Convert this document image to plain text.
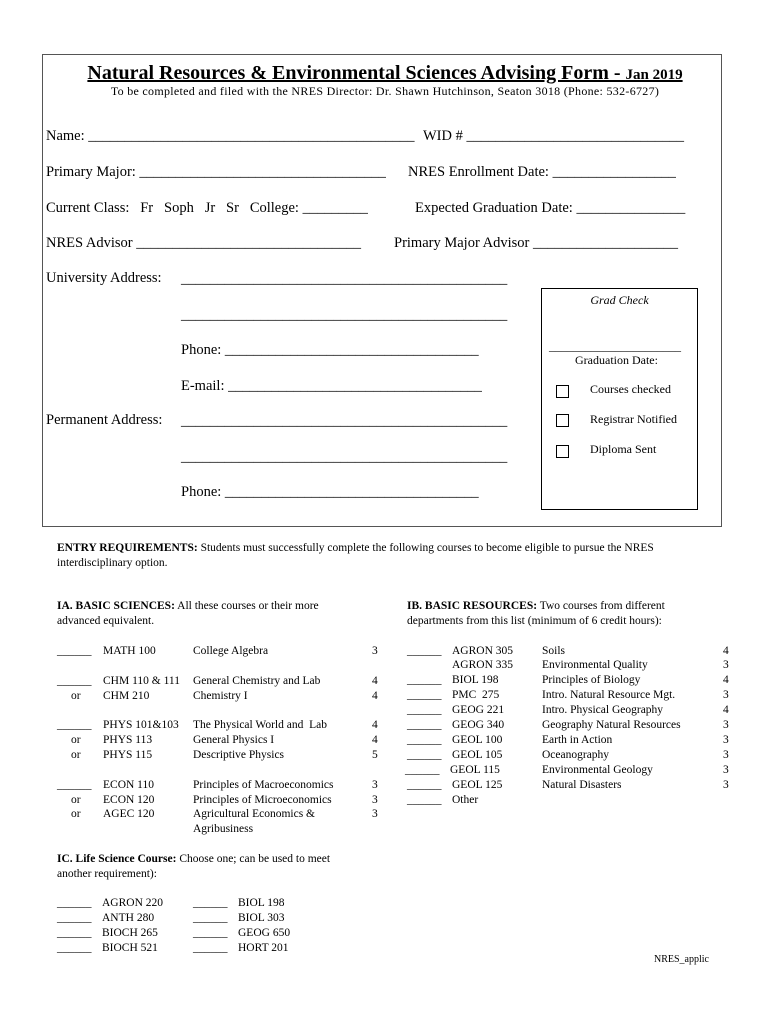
Natural Resources & Environmental Sciences Advising Form - Jan 2019
To be completed and filed with the NRES Director: Dr. Shawn Hutchinson, Seaton 3018 (Phone: 532-6727)
Name: _____________________________________________ WID # ______________________________
Primary Major: __________________________________ NRES Enrollment Date: _________________
Current Class:   Fr   Soph   Jr   Sr   College: _________	Expected Graduation Date: _______________
NRES Advisor _______________________________ Primary Major Advisor ____________________
University Address: _____________________________________________
_____________________________________________
Phone: ___________________________________
E-mail: ___________________________________
Permanent Address: _____________________________________________
_____________________________________________
Phone: ___________________________________
Grad Check
______________________
Graduation Date:
Courses checked
Registrar Notified
Diploma Sent
ENTRY REQUIREMENTS: Students must successfully complete the following courses to become eligible to pursue the NRES
interdisciplinary option.
IA. BASIC SCIENCES: All these courses or their more
advanced equivalent.
______ MATH 100	College Algebra	3
______ CHM 110 & 111 General Chemistry and Lab	4
or CHM 210	Chemistry I	4
______ PHYS 101&103 The Physical World and  Lab	4
or PHYS 113	General Physics I	4
or PHYS 115	Descriptive Physics	5
______ ECON 110	Principles of Macroeconomics	3
or ECON 120	Principles of Microeconomics	3
or AGEC 120	Agricultural Economics &	3
Agribusiness
IB. BASIC RESOURCES: Two courses from different
departments from this list (minimum of 6 credit hours):
______ AGRON 305	Soils	4
AGRON 335	Environmental Quality	3
______ BIOL 198	Principles of Biology	4
______ PMC  275	Intro. Natural Resource Mgt.	3
______ GEOG 221	Intro. Physical Geography	4
______ GEOG 340	Geography Natural Resources	3
______ GEOL 100	Earth in Action	3
______ GEOL 105	Oceanography	3
______ GEOL 115	Environmental Geology	3
______ GEOL 125	Natural Disasters	3
______ Other
IC. Life Science Course: Choose one; can be used to meet
another requirement):
______ AGRON 220
______ ANTH 280
______ BIOCH 265
______ BIOCH 521
______ BIOL 198
______ BIOL 303
______ GEOG 650
______ HORT 201
NRES_applic
